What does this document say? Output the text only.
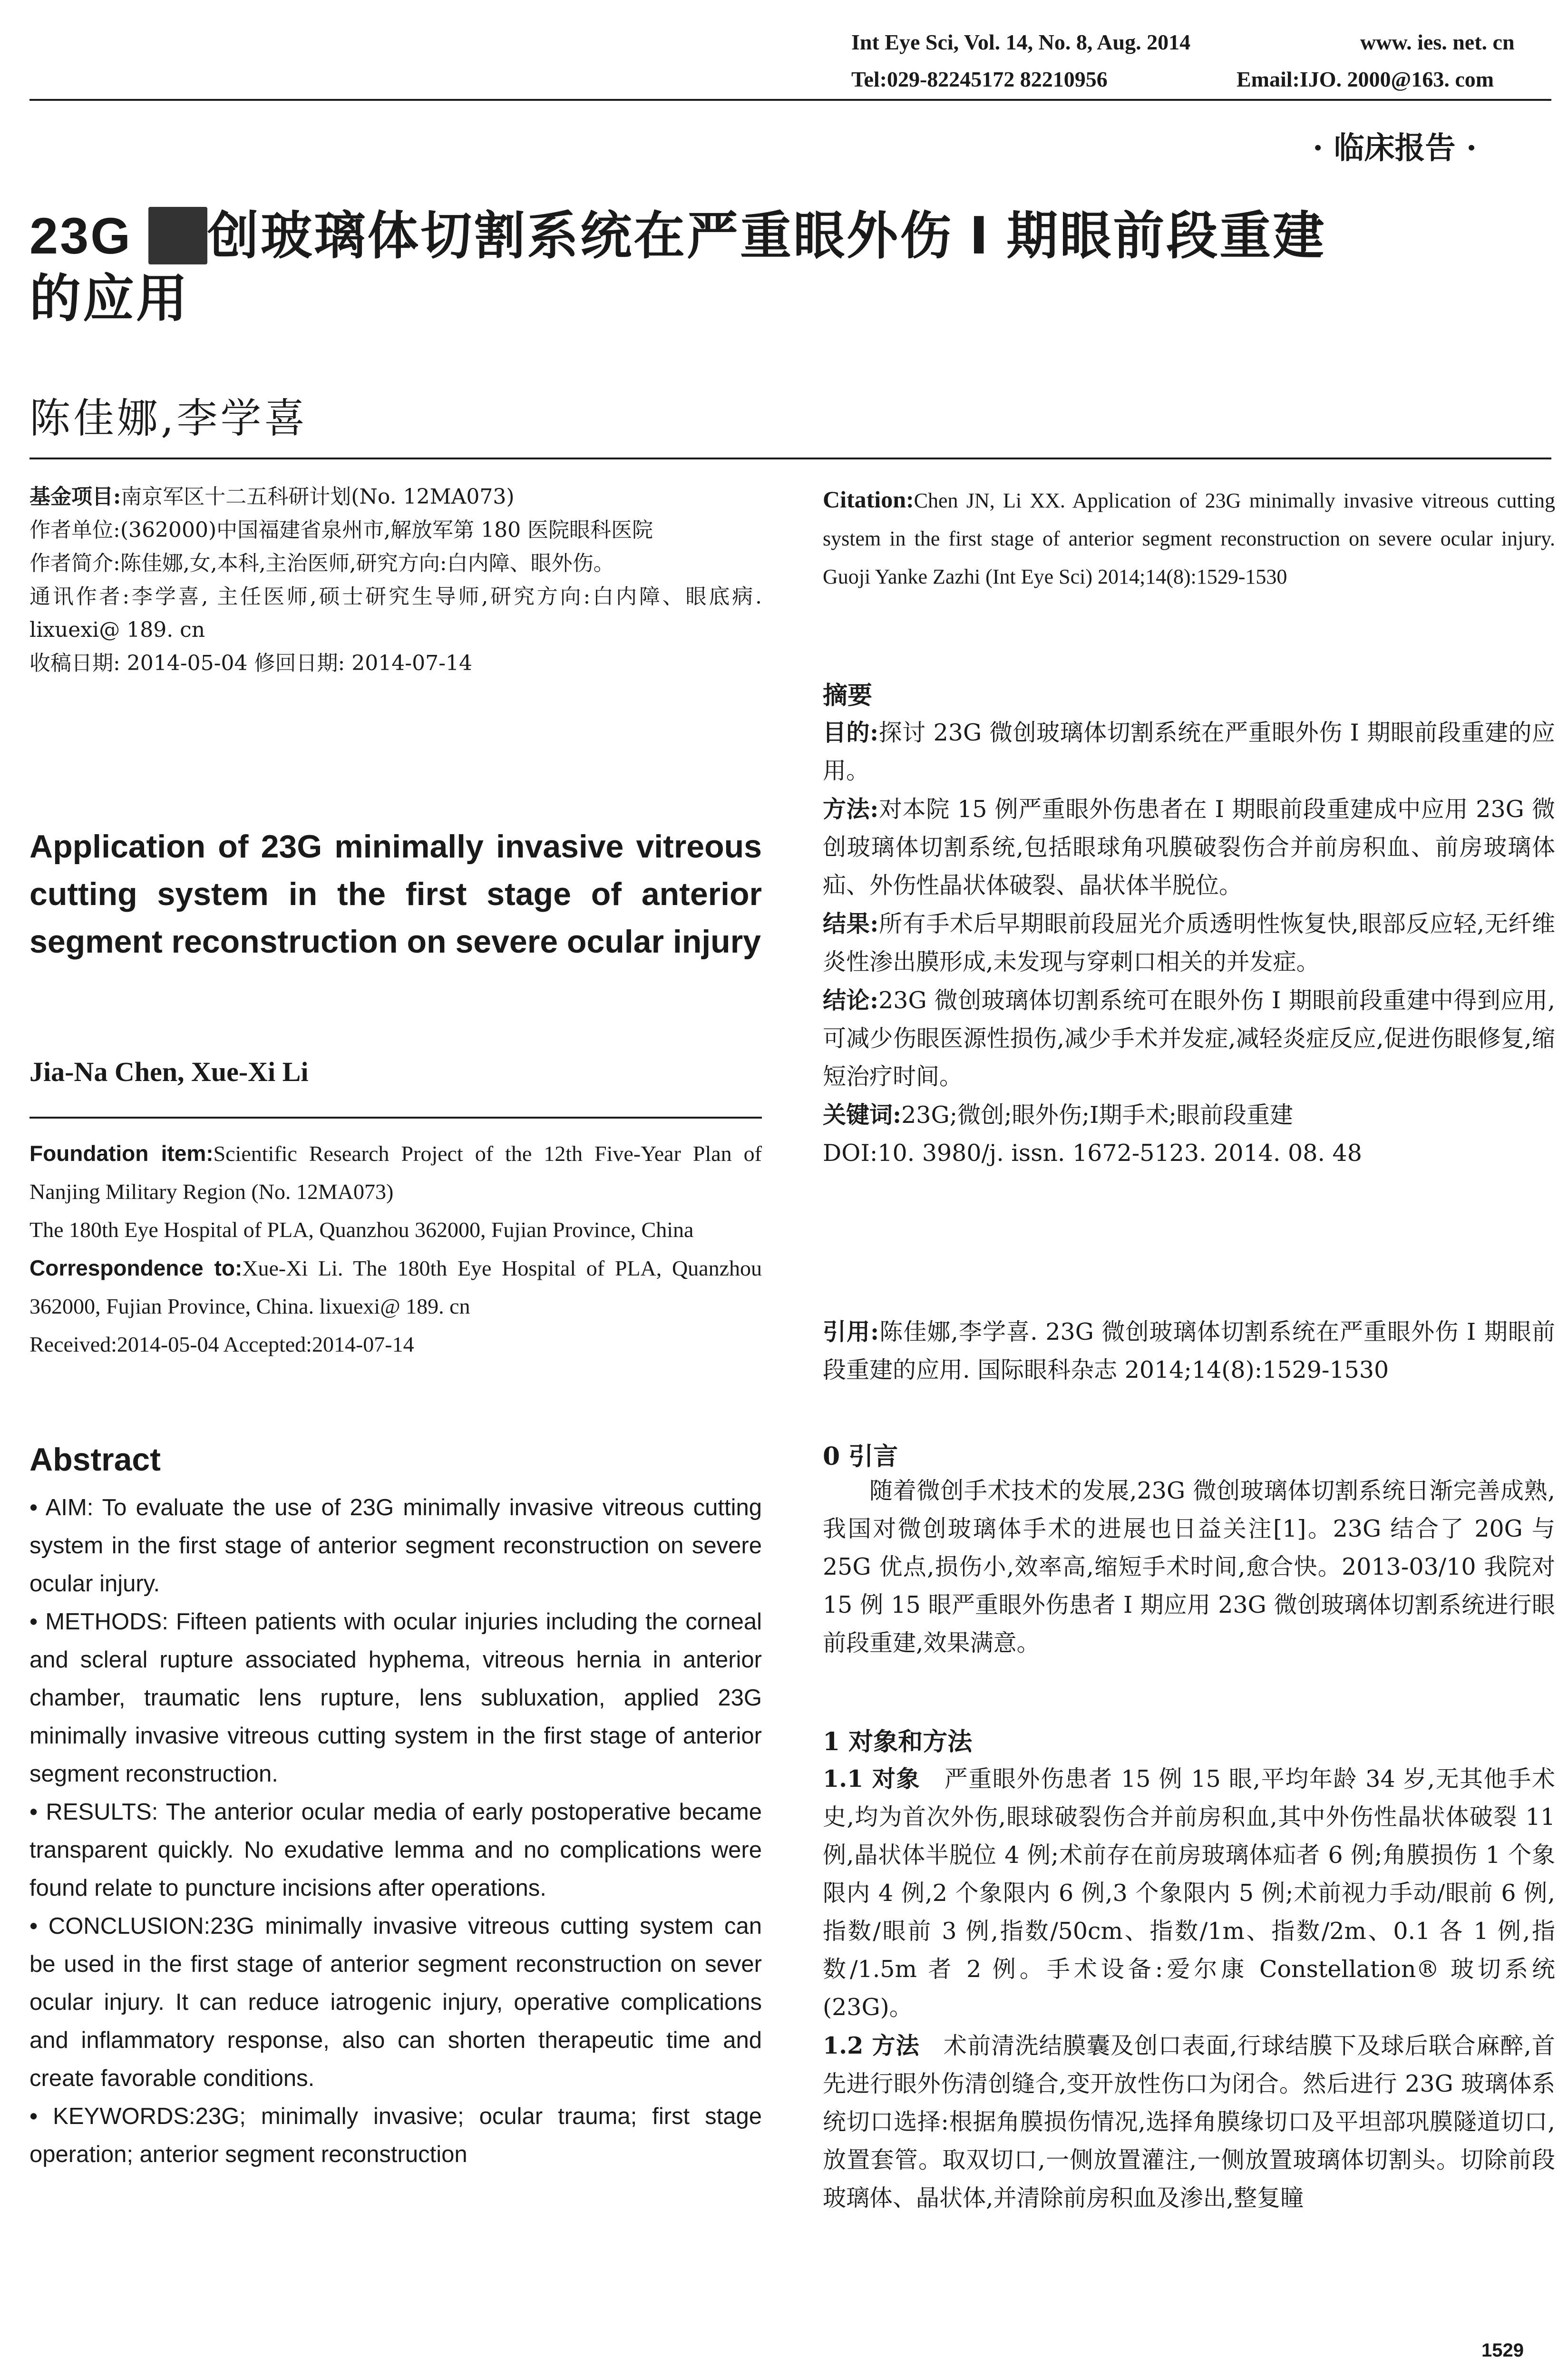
Int Eye Sci, Vol. 14, No. 8, Aug. 2014	www. ies. net. cn
Tel:029-82245172 82210956	Email:IJO. 2000@163. com
· 临床报告 ·
23G 微创玻璃体切割系统在严重眼外伤 Ⅰ 期眼前段重建
的应用
陈佳娜,李学喜
基金项目:南京军区十二五科研计划(No. 12MA073)
作者单位:(362000)中国福建省泉州市,解放军第 180 医院眼科医院
作者简介:陈佳娜,女,本科,主治医师,研究方向:白内障、眼外伤。
通讯作者:李学喜, 主任医师,硕士研究生导师,研究方向:白内障、眼底病. lixuexi@ 189. cn
收稿日期: 2014-05-04 修回日期: 2014-07-14
Application of 23G minimally invasive vitreous cutting system in the first stage of anterior segment reconstruction on severe ocular injury
Jia-Na Chen, Xue-Xi Li
Foundation item:Scientific Research Project of the 12th Five-Year Plan of Nanjing Military Region (No. 12MA073)
The 180th Eye Hospital of PLA, Quanzhou 362000, Fujian Province, China
Correspondence to:Xue-Xi Li. The 180th Eye Hospital of PLA, Quanzhou 362000, Fujian Province, China. lixuexi@ 189. cn
Received:2014-05-04 Accepted:2014-07-14
Abstract

• AIM: To evaluate the use of 23G minimally invasive vitreous cutting system in the first stage of anterior segment reconstruction on severe ocular injury.

• METHODS: Fifteen patients with ocular injuries including the corneal and scleral rupture associated hyphema, vitreous hernia in anterior chamber, traumatic lens rupture, lens subluxation, applied 23G minimally invasive vitreous cutting system in the first stage of anterior segment reconstruction.

• RESULTS: The anterior ocular media of early postoperative became transparent quickly. No exudative lemma and no complications were found relate to puncture incisions after operations.

• CONCLUSION:23G minimally invasive vitreous cutting system can be used in the first stage of anterior segment reconstruction on sever ocular injury. It can reduce iatrogenic injury, operative complications and inflammatory response, also can shorten therapeutic time and create favorable conditions.

• KEYWORDS:23G; minimally invasive; ocular trauma; first stage operation; anterior segment reconstruction

Citation:Chen JN, Li XX. Application of 23G minimally invasive vitreous cutting system in the first stage of anterior segment reconstruction on severe ocular injury. Guoji Yanke Zazhi (Int Eye Sci) 2014;14(8):1529-1530
摘要

目的:探讨 23G 微创玻璃体切割系统在严重眼外伤 Ⅰ 期眼前段重建的应用。

方法:对本院 15 例严重眼外伤患者在 Ⅰ 期眼前段重建成中应用 23G 微创玻璃体切割系统,包括眼球角巩膜破裂伤合并前房积血、前房玻璃体疝、外伤性晶状体破裂、晶状体半脱位。

结果:所有手术后早期眼前段屈光介质透明性恢复快,眼部反应轻,无纤维炎性渗出膜形成,未发现与穿刺口相关的并发症。

结论:23G 微创玻璃体切割系统可在眼外伤 Ⅰ 期眼前段重建中得到应用,可减少伤眼医源性损伤,减少手术并发症,减轻炎症反应,促进伤眼修复,缩短治疗时间。

关键词:23G;微创;眼外伤;Ⅰ期手术;眼前段重建

DOI:10. 3980/j. issn. 1672-5123. 2014. 08. 48

引用:陈佳娜,李学喜. 23G 微创玻璃体切割系统在严重眼外伤 Ⅰ 期眼前段重建的应用. 国际眼科杂志 2014;14(8):1529-1530
0 引言

随着微创手术技术的发展,23G 微创玻璃体切割系统日渐完善成熟,我国对微创玻璃体手术的进展也日益关注[1]。23G 结合了 20G 与 25G 优点,损伤小,效率高,缩短手术时间,愈合快。2013-03/10 我院对 15 例 15 眼严重眼外伤患者 Ⅰ 期应用 23G 微创玻璃体切割系统进行眼前段重建,效果满意。

1 对象和方法

1.1 对象　 严重眼外伤患者 15 例 15 眼,平均年龄 34 岁,无其他手术史,均为首次外伤,眼球破裂伤合并前房积血,其中外伤性晶状体破裂 11 例,晶状体半脱位 4 例;术前存在前房玻璃体疝者 6 例;角膜损伤 1 个象限内 4 例,2 个象限内 6 例,3 个象限内 5 例;术前视力手动/眼前 6 例,指数/眼前 3 例,指数/50cm、指数/1m、指数/2m、0.1 各 1 例,指数/1.5m 者 2 例。手术设备:爱尔康 Constellation® 玻切系统(23G)。

1.2 方法　 术前清洗结膜囊及创口表面,行球结膜下及球后联合麻醉,首先进行眼外伤清创缝合,变开放性伤口为闭合。然后进行 23G 玻璃体系统切口选择:根据角膜损伤情况,选择角膜缘切口及平坦部巩膜隧道切口,放置套管。取双切口,一侧放置灌注,一侧放置玻璃体切割头。切除前段玻璃体、晶状体,并清除前房积血及渗出,整复瞳

1529
